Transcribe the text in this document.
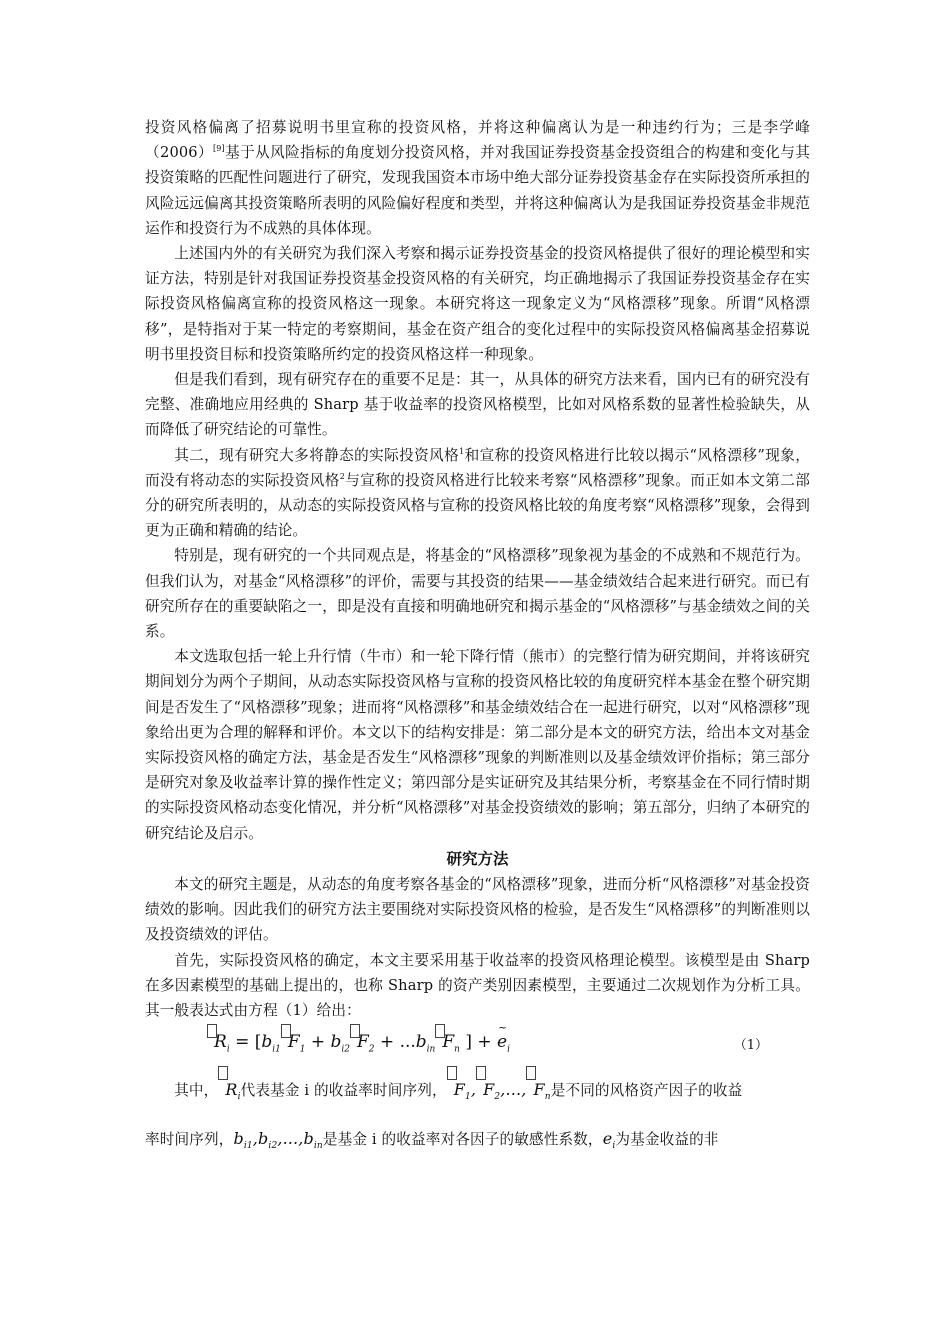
投资风格偏离了招募说明书里宣称的投资风格，并将这种偏离认为是一种违约行为；三是李学峰（2006）[9]基于从风险指标的角度划分投资风格，并对我国证券投资基金投资组合的构建和变化与其投资策略的匹配性问题进行了研究，发现我国资本市场中绝大部分证券投资基金存在实际投资所承担的风险远远偏离其投资策略所表明的风险偏好程度和类型，并将这种偏离认为是我国证券投资基金非规范运作和投资行为不成熟的具体体现。

上述国内外的有关研究为我们深入考察和揭示证券投资基金的投资风格提供了很好的理论模型和实证方法，特别是针对我国证券投资基金投资风格的有关研究，均正确地揭示了我国证券投资基金存在实际投资风格偏离宣称的投资风格这一现象。本研究将这一现象定义为“风格漂移”现象。所谓“风格漂移”，是特指对于某一特定的考察期间，基金在资产组合的变化过程中的实际投资风格偏离基金招募说明书里投资目标和投资策略所约定的投资风格这样一种现象。

但是我们看到，现有研究存在的重要不足是：其一，从具体的研究方法来看，国内已有的研究没有完整、准确地应用经典的 Sharp 基于收益率的投资风格模型，比如对风格系数的显著性检验缺失，从而降低了研究结论的可靠性。

其二，现有研究大多将静态的实际投资风格$^1$和宣称的投资风格进行比较以揭示“风格漂移”现象，而没有将动态的实际投资风格$^2$与宣称的投资风格进行比较来考察“风格漂移”现象。而正如本文第二部分的研究所表明的，从动态的实际投资风格与宣称的投资风格比较的角度考察“风格漂移”现象，会得到更为正确和精确的结论。

特别是，现有研究的一个共同观点是，将基金的“风格漂移”现象视为基金的不成熟和不规范行为。但我们认为，对基金“风格漂移”的评价，需要与其投资的结果——基金绩效结合起来进行研究。而已有研究所存在的重要缺陷之一，即是没有直接和明确地研究和揭示基金的“风格漂移”与基金绩效之间的关系。

本文选取包括一轮上升行情（牛市）和一轮下降行情（熊市）的完整行情为研究期间，并将该研究期间划分为两个子期间，从动态实际投资风格与宣称的投资风格比较的角度研究样本基金在整个研究期间是否发生了“风格漂移”现象；进而将“风格漂移”和基金绩效结合在一起进行研究，以对“风格漂移”现象给出更为合理的解释和评价。本文以下的结构安排是：第二部分是本文的研究方法，给出本文对基金实际投资风格的确定方法，基金是否发生“风格漂移”现象的判断准则以及基金绩效评价指标；第三部分是研究对象及收益率计算的操作性定义；第四部分是实证研究及其结果分析，考察基金在不同行情时期的实际投资风格动态变化情况，并分析“风格漂移”对基金投资绩效的影响；第五部分，归纳了本研究的研究结论及启示。

研究方法

本文的研究主题是，从动态的角度考察各基金的“风格漂移”现象，进而分析“风格漂移”对基金投资绩效的影响。因此我们的研究方法主要围绕对实际投资风格的检验，是否发生“风格漂移”的判断准则以及投资绩效的评估。

首先，实际投资风格的确定，本文主要采用基于收益率的投资风格理论模型。该模型是由 Sharp 在多因素模型的基础上提出的，也称 Sharp 的资产类别因素模型，主要通过二次规划作为分析工具。其一般表达式由方程（1）给出：

$R_i = [b_{i1}$ $F_1 + b_{i2}$ $F_2 + ...b_{in}$ $F_n$ ] + ~ $e_i$	（1）

其中， $R_i$代表基金 i 的收益率时间序列， $F_1$, $F_2$,..., $F_n$是不同的风格资产因子的收益

率时间序列，$b_{i1},b_{i2},...,b_{in}$是基金 i 的收益率对各因子的敏感性系数，$e_i$为基金收益的非
